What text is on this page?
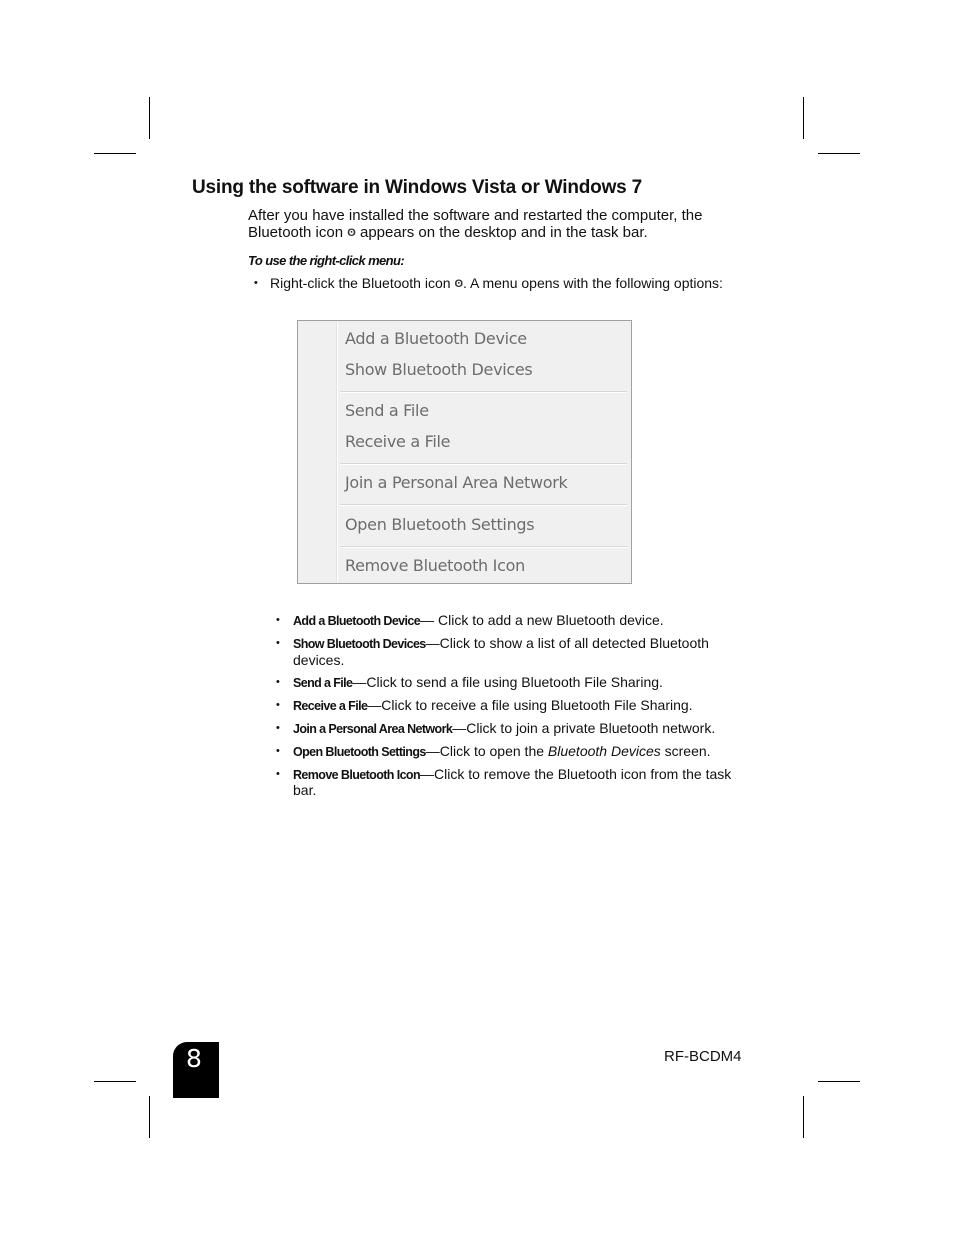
Using the software in Windows Vista or Windows 7
After you have installed the software and restarted the computer, the
Bluetooth icon ʘ appears on the desktop and in the task bar.
To use the right-click menu:
• Right-click the Bluetooth icon ʘ. A menu opens with the following options:
Add a Bluetooth Device
Show Bluetooth Devices
Send a File
Receive a File
Join a Personal Area Network
Open Bluetooth Settings
Remove Bluetooth Icon
• Add a Bluetooth Device— Click to add a new Bluetooth device.
• Show Bluetooth Devices—Click to show a list of all detected Bluetooth devices.
• Send a File—Click to send a file using Bluetooth File Sharing.
• Receive a File—Click to receive a file using Bluetooth File Sharing.
• Join a Personal Area Network—Click to join a private Bluetooth network.
• Open Bluetooth Settings—Click to open the Bluetooth Devices screen.
• Remove Bluetooth Icon—Click to remove the Bluetooth icon from the task bar.
8	RF-BCDM4
